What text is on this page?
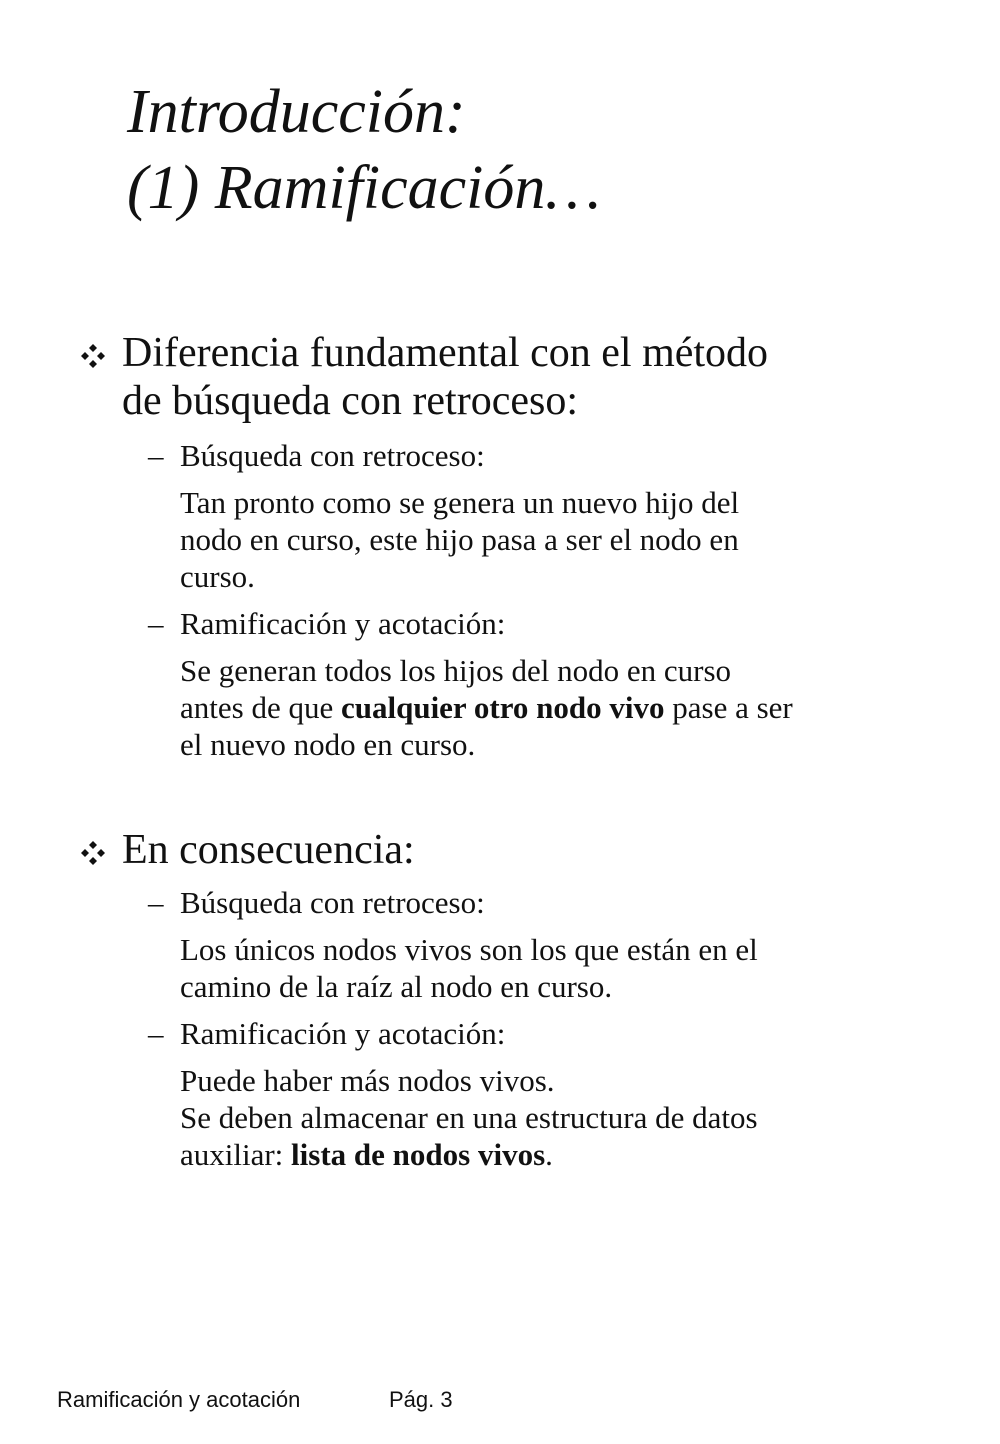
Introducción:
(1) Ramificación…
Diferencia fundamental con el método
de búsqueda con retroceso:
– Búsqueda con retroceso:
Tan pronto como se genera un nuevo hijo del
nodo en curso, este hijo pasa a ser el nodo en
curso.
– Ramificación y acotación:
Se generan todos los hijos del nodo en curso
antes de que cualquier otro nodo vivo pase a ser
el nuevo nodo en curso.
En consecuencia:
– Búsqueda con retroceso:
Los únicos nodos vivos son los que están en el
camino de la raíz al nodo en curso.
– Ramificación y acotación:
Puede haber más nodos vivos.
Se deben almacenar en una estructura de datos
auxiliar: lista de nodos vivos.
Ramificación y acotación	Pág. 3
